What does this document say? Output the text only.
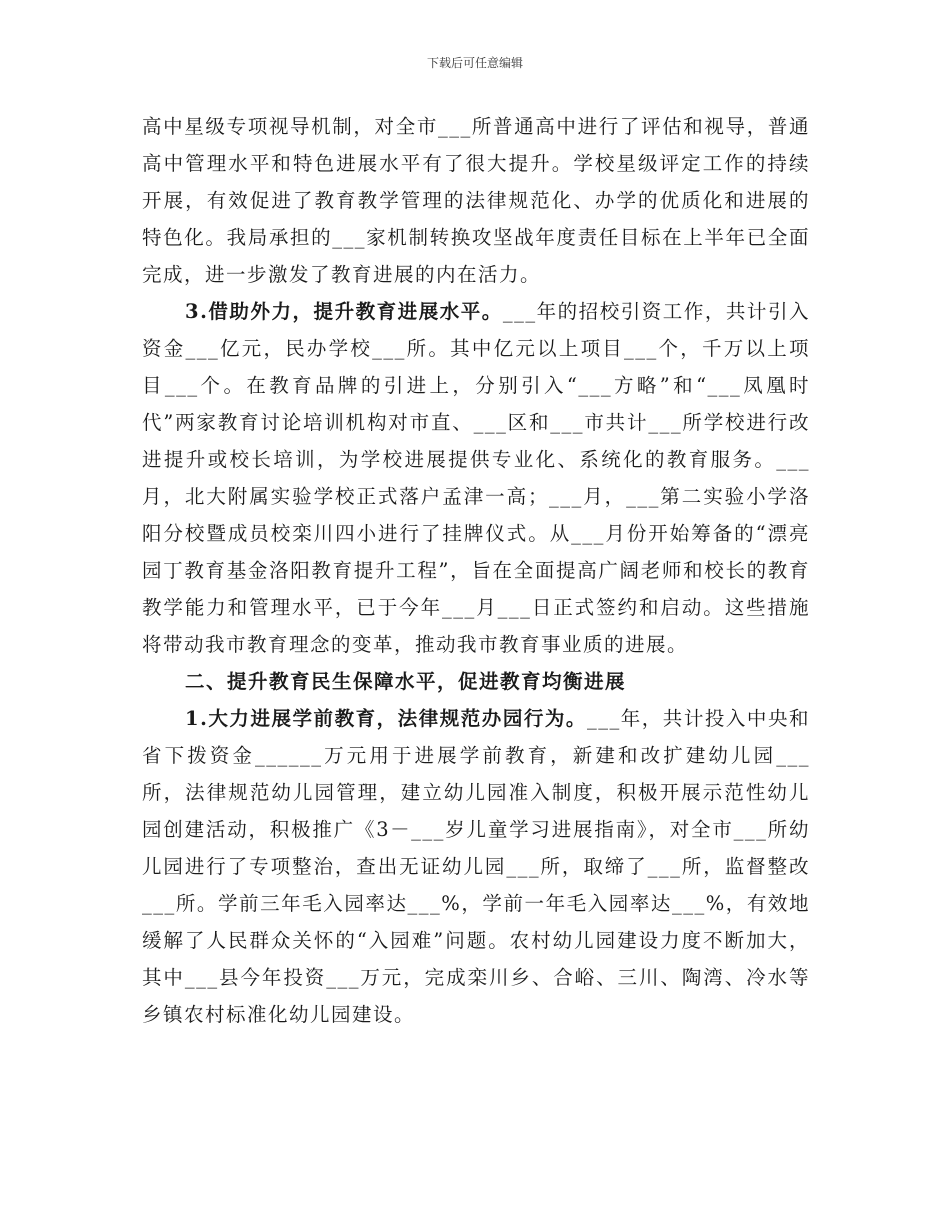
下载后可任意编辑

高中星级专项视导机制，对全市___所普通高中进行了评估和视导，普通高中管理水平和特色进展水平有了很大提升。学校星级评定工作的持续开展，有效促进了教育教学管理的法律规范化、办学的优质化和进展的特色化。我局承担的___家机制转换攻坚战年度责任目标在上半年已全面完成，进一步激发了教育进展的内在活力。

3.借助外力，提升教育进展水平。___年的招校引资工作，共计引入资金___亿元，民办学校___所。其中亿元以上项目___个，千万以上项目___个。在教育品牌的引进上，分别引入“___方略”和“___凤凰时代”两家教育讨论培训机构对市直、___区和___市共计___所学校进行改进提升或校长培训，为学校进展提供专业化、系统化的教育服务。___月，北大附属实验学校正式落户孟津一高；___月，___第二实验小学洛阳分校暨成员校栾川四小进行了挂牌仪式。从___月份开始筹备的“漂亮园丁教育基金洛阳教育提升工程”，旨在全面提高广阔老师和校长的教育教学能力和管理水平，已于今年___月___日正式签约和启动。这些措施将带动我市教育理念的变革，推动我市教育事业质的进展。

二、提升教育民生保障水平，促进教育均衡进展

1.大力进展学前教育，法律规范办园行为。___年，共计投入中央和省下拨资金______万元用于进展学前教育，新建和改扩建幼儿园___所，法律规范幼儿园管理，建立幼儿园准入制度，积极开展示范性幼儿园创建活动，积极推广《3－___岁儿童学习进展指南》，对全市___所幼儿园进行了专项整治，查出无证幼儿园___所，取缔了___所，监督整改___所。学前三年毛入园率达___%，学前一年毛入园率达___%，有效地缓解了人民群众关怀的“入园难”问题。农村幼儿园建设力度不断加大，其中___县今年投资___万元，完成栾川乡、合峪、三川、陶湾、冷水等乡镇农村标准化幼儿园建设。
